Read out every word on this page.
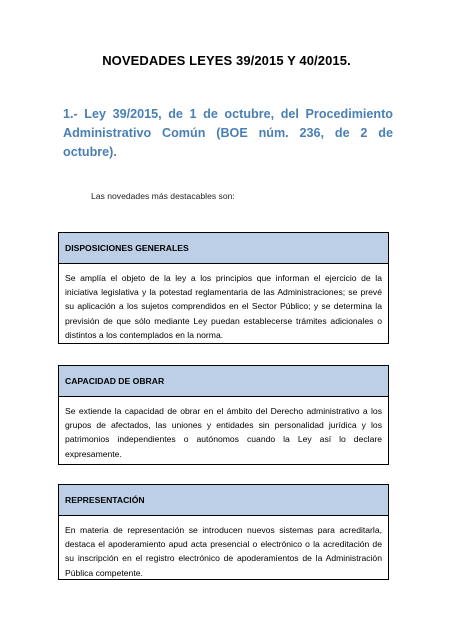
NOVEDADES LEYES 39/2015 Y 40/2015.
1.- Ley 39/2015, de 1 de octubre, del Procedimiento Administrativo Común (BOE núm. 236, de 2 de octubre).
Las novedades más destacables son:
DISPOSICIONES GENERALES
Se amplía el objeto de la ley a los principios que informan el ejercicio de la iniciativa legislativa y la potestad reglamentaria de las Administraciones; se prevé su aplicación a los sujetos comprendidos en el Sector Público; y se determina la previsión de que sólo mediante Ley puedan establecerse trámites adicionales o distintos a los contemplados en la norma.
CAPACIDAD DE OBRAR
Se extiende la capacidad de obrar en el ámbito del Derecho administrativo a los grupos de afectados, las uniones y entidades sin personalidad jurídica y los patrimonios independientes o autónomos cuando la Ley así lo declare expresamente.
REPRESENTACIÓN
En materia de representación se introducen nuevos sistemas para acreditarla, destaca el apoderamiento apud acta presencial o electrónico o la acreditación de su inscripción en el registro electrónico de apoderamientos de la Administración Pública competente.
